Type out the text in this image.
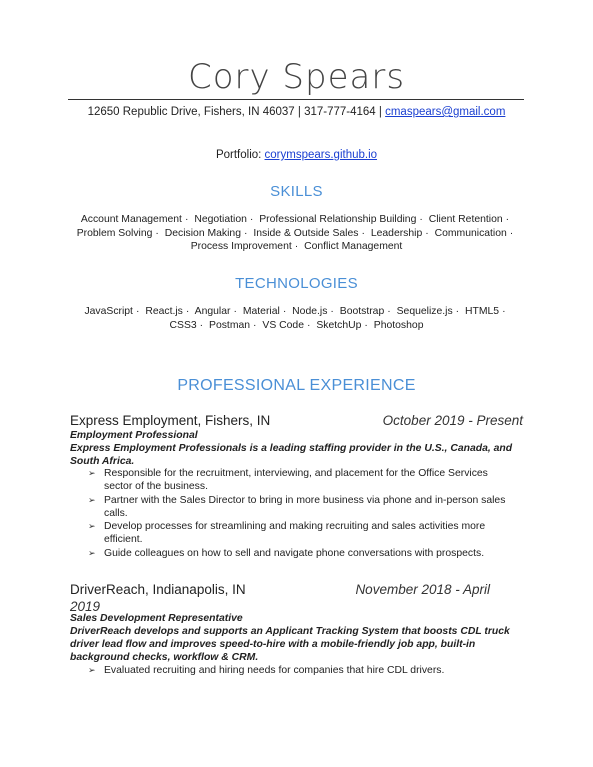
Cory Spears
12650 Republic Drive, Fishers, IN 46037 | 317-777-4164 | cmaspears@gmail.com
Portfolio: corymspears.github.io
SKILLS
Account Management · Negotiation · Professional Relationship Building · Client Retention · Problem Solving · Decision Making · Inside & Outside Sales · Leadership · Communication · Process Improvement · Conflict Management
TECHNOLOGIES
JavaScript · React.js · Angular · Material · Node.js · Bootstrap · Sequelize.js · HTML5 · CSS3 · Postman · VS Code · SketchUp · Photoshop
PROFESSIONAL EXPERIENCE
Express Employment, Fishers, IN	October 2019 - Present
Employment Professional
Express Employment Professionals is a leading staffing provider in the U.S., Canada, and South Africa.
➢ Responsible for the recruitment, interviewing, and placement for the Office Services sector of the business.
➢ Partner with the Sales Director to bring in more business via phone and in-person sales calls.
➢ Develop processes for streamlining and making recruiting and sales activities more efficient.
➢ Guide colleagues on how to sell and navigate phone conversations with prospects.
DriverReach, Indianapolis, IN	November 2018 - April
2019
Sales Development Representative
DriverReach develops and supports an Applicant Tracking System that boosts CDL truck driver lead flow and improves speed-to-hire with a mobile-friendly job app, built-in background checks, workflow & CRM.
➢ Evaluated recruiting and hiring needs for companies that hire CDL drivers.
